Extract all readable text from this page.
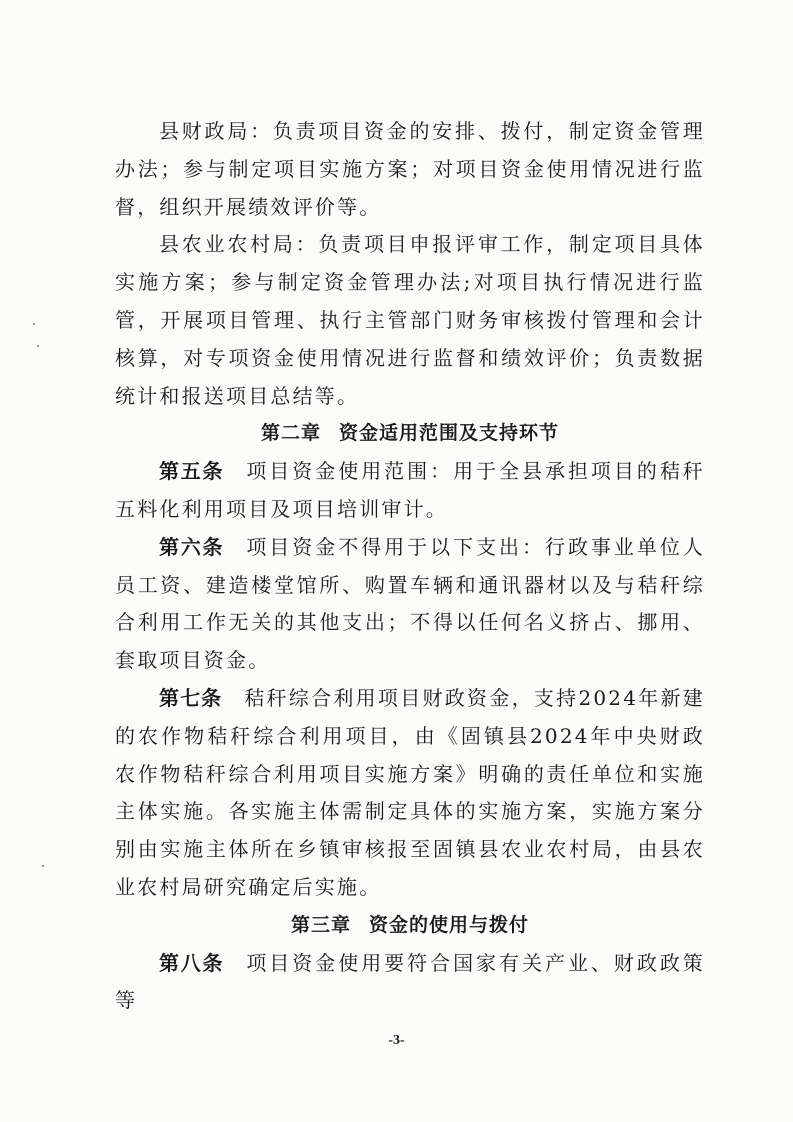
县财政局：负责项目资金的安排、拨付，制定资金管理办法；参与制定项目实施方案；对项目资金使用情况进行监督，组织开展绩效评价等。

县农业农村局：负责项目申报评审工作，制定项目具体实施方案；参与制定资金管理办法;对项目执行情况进行监管，开展项目管理、执行主管部门财务审核拨付管理和会计核算，对专项资金使用情况进行监督和绩效评价；负责数据统计和报送项目总结等。

第二章 资金适用范围及支持环节

第五条 项目资金使用范围：用于全县承担项目的秸秆五料化利用项目及项目培训审计。

第六条 项目资金不得用于以下支出：行政事业单位人员工资、建造楼堂馆所、购置车辆和通讯器材以及与秸秆综合利用工作无关的其他支出；不得以任何名义挤占、挪用、套取项目资金。

第七条 秸秆综合利用项目财政资金，支持2024年新建的农作物秸秆综合利用项目，由《固镇县2024年中央财政农作物秸秆综合利用项目实施方案》明确的责任单位和实施主体实施。各实施主体需制定具体的实施方案，实施方案分别由实施主体所在乡镇审核报至固镇县农业农村局，由县农业农村局研究确定后实施。

第三章 资金的使用与拨付

第八条 项目资金使用要符合国家有关产业、财政政策等

-3-
